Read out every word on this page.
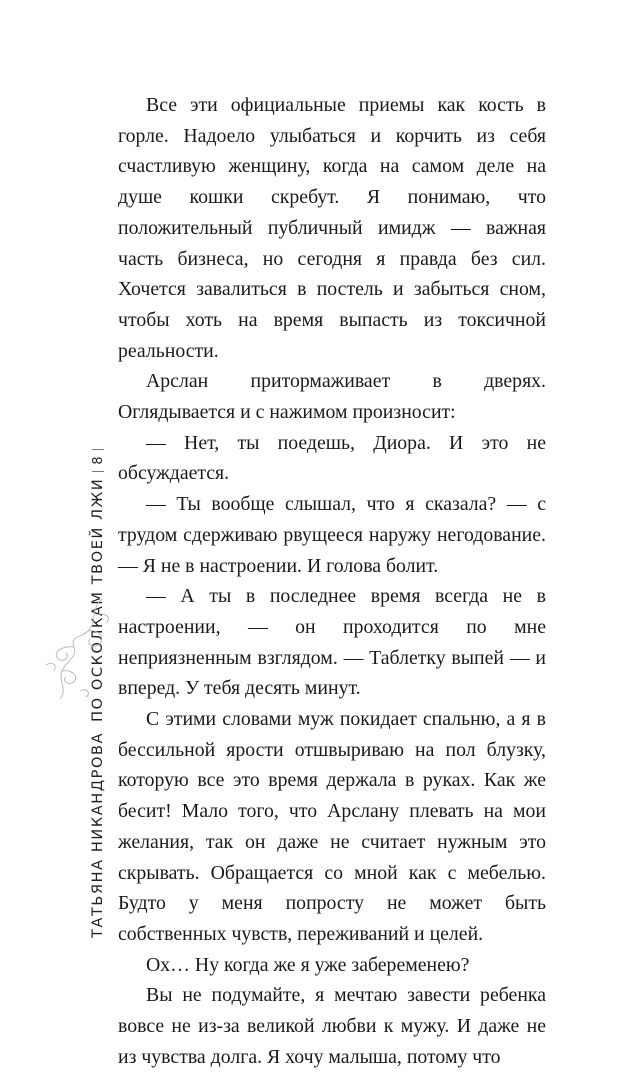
ТАТЬЯНА НИКАНДРОВА
ПО ОСКОЛКАМ ТВОЕЙ ЛЖИ
8

Все эти официальные приемы как кость в горле. Надоело улыбаться и корчить из себя счастливую женщину, когда на самом деле на душе кошки скребут. Я понимаю, что положительный публичный имидж — важная часть бизнеса, но сегодня я правда без сил. Хочется завалиться в постель и забыться сном, чтобы хоть на время выпасть из токсичной реальности.

Арслан притормаживает в дверях. Оглядывается и с нажимом произносит:

— Нет, ты поедешь, Диора. И это не обсуждается.

— Ты вообще слышал, что я сказала? — с трудом сдерживаю рвущееся наружу негодование. — Я не в настроении. И голова болит.

— А ты в последнее время всегда не в настроении, — он проходится по мне неприязненным взглядом. — Таблетку выпей — и вперед. У тебя десять минут.

С этими словами муж покидает спальню, а я в бессильной ярости отшвыриваю на пол блузку, которую все это время держала в руках. Как же бесит! Мало того, что Арслану плевать на мои желания, так он даже не считает нужным это скрывать. Обращается со мной как с мебелью. Будто у меня попросту не может быть собственных чувств, переживаний и целей.

Ох… Ну когда же я уже забеременею?

Вы не подумайте, я мечтаю завести ребенка вовсе не из-за великой любви к мужу. И даже не из чувства долга. Я хочу малыша, потому что
